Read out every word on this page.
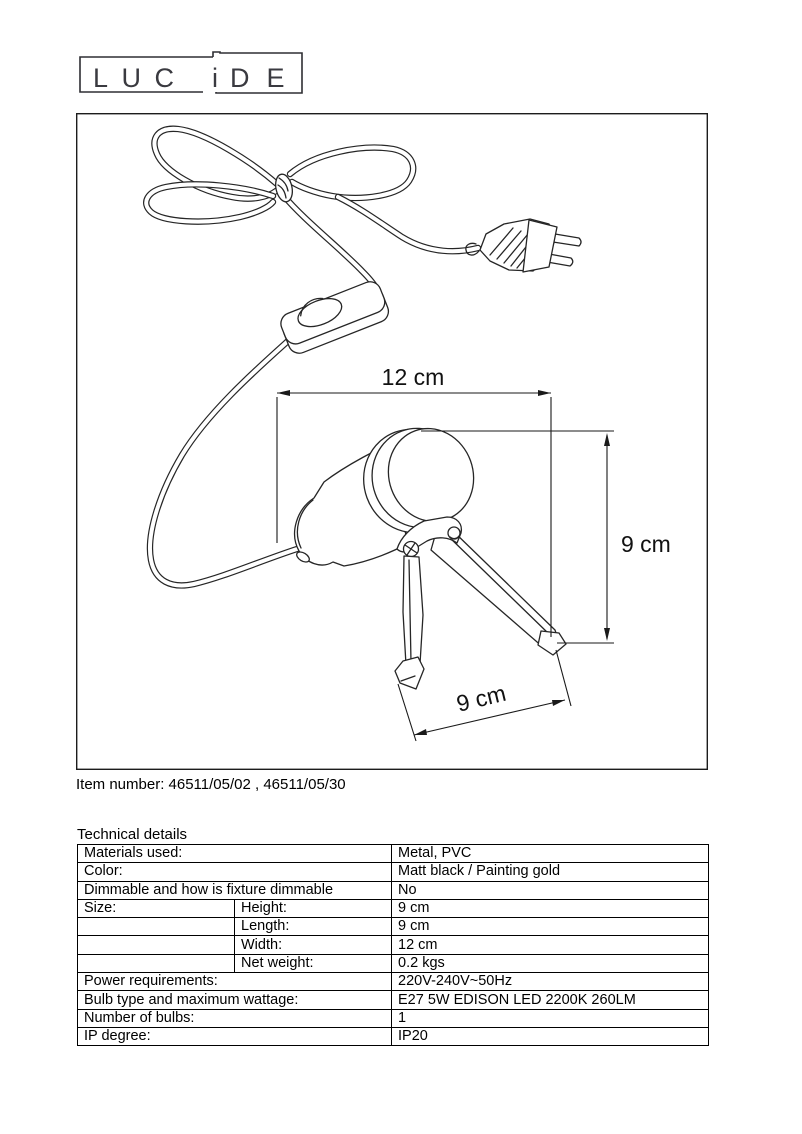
LUC i DE
12 cm
9 cm
9 cm
Item number: 46511/05/02 , 46511/05/30
Technical details
Materials used:		Metal, PVC
Color:		Matt black / Painting gold
Dimmable and how is fixture dimmable		No
Size:	Height:	9 cm
	Length:	9 cm
	Width:	12 cm
	Net weight:	0.2 kgs
Power requirements:		220V-240V~50Hz
Bulb type and maximum wattage:		E27 5W EDISON LED 2200K 260LM
Number of bulbs:		1
IP degree:		IP20
